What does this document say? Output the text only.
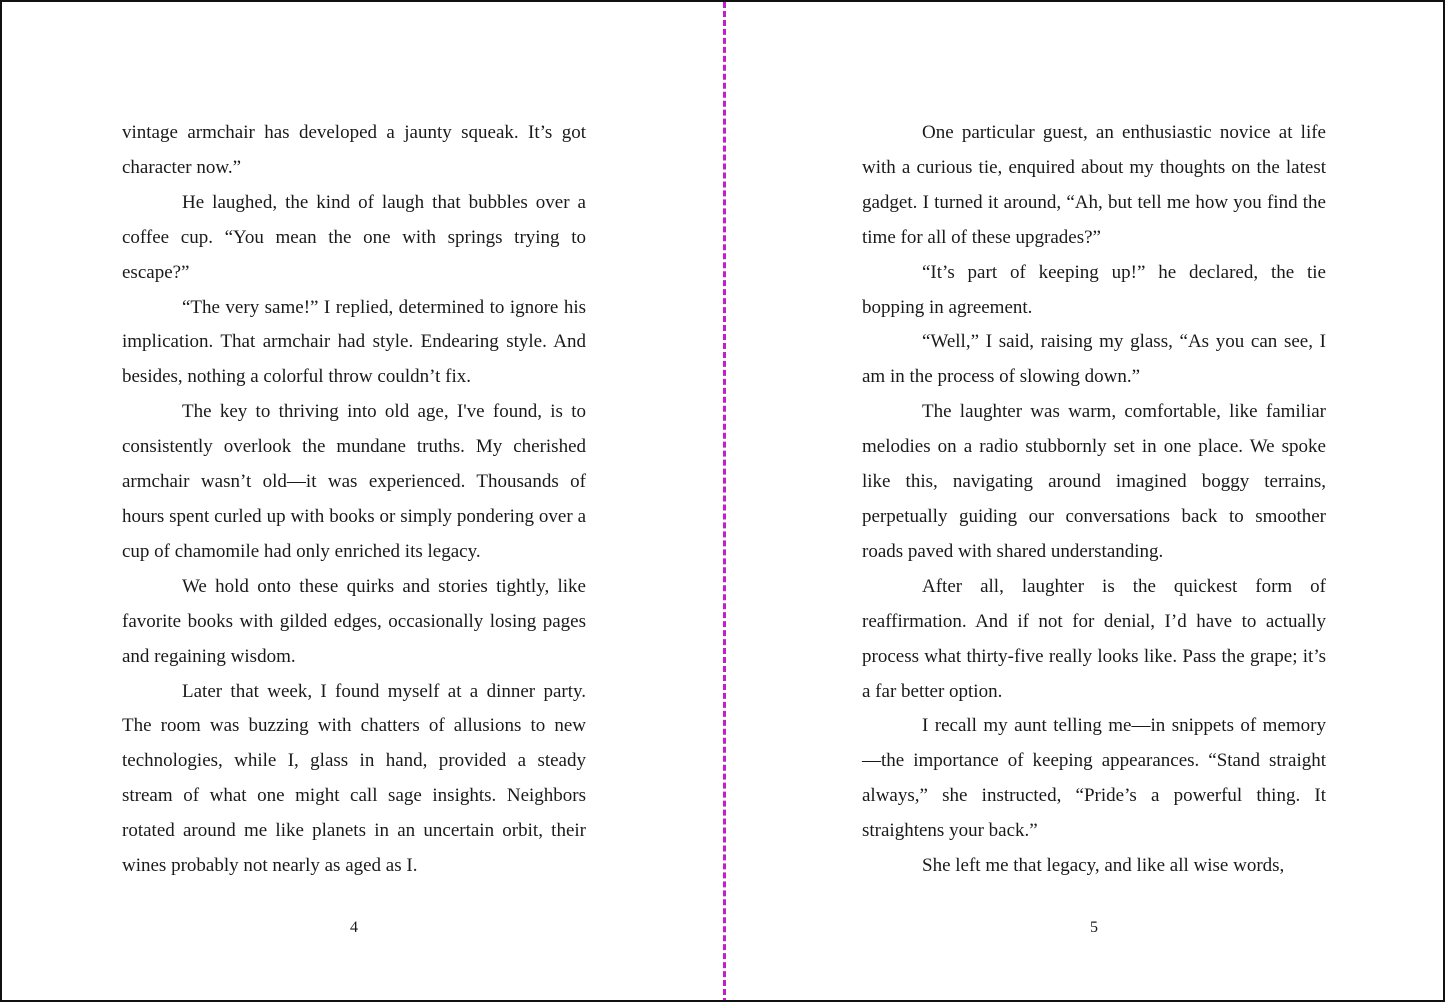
vintage armchair has developed a jaunty squeak. It’s got character now.”

He laughed, the kind of laugh that bubbles over a coffee cup. “You mean the one with springs trying to escape?”

“The very same!” I replied, determined to ignore his implication. That armchair had style. Endearing style. And besides, nothing a colorful throw couldn’t fix.

The key to thriving into old age, I've found, is to consistently overlook the mundane truths. My cherished armchair wasn’t old—it was experienced. Thousands of hours spent curled up with books or simply pondering over a cup of chamomile had only enriched its legacy.

We hold onto these quirks and stories tightly, like favorite books with gilded edges, occasionally losing pages and regaining wisdom.

Later that week, I found myself at a dinner party. The room was buzzing with chatters of allusions to new technologies, while I, glass in hand, provided a steady stream of what one might call sage insights. Neighbors rotated around me like planets in an uncertain orbit, their wines probably not nearly as aged as I.

4

One particular guest, an enthusiastic novice at life with a curious tie, enquired about my thoughts on the latest gadget. I turned it around, “Ah, but tell me how you find the time for all of these upgrades?”

“It’s part of keeping up!” he declared, the tie bopping in agreement.

“Well,” I said, raising my glass, “As you can see, I am in the process of slowing down.”

The laughter was warm, comfortable, like familiar melodies on a radio stubbornly set in one place. We spoke like this, navigating around imagined boggy terrains, perpetually guiding our conversations back to smoother roads paved with shared understanding.

After all, laughter is the quickest form of reaffirmation. And if not for denial, I’d have to actually process what thirty-five really looks like. Pass the grape; it’s a far better option.

I recall my aunt telling me—in snippets of memory—the importance of keeping appearances. “Stand straight always,” she instructed, “Pride’s a powerful thing. It straightens your back.”

She left me that legacy, and like all wise words,

5
